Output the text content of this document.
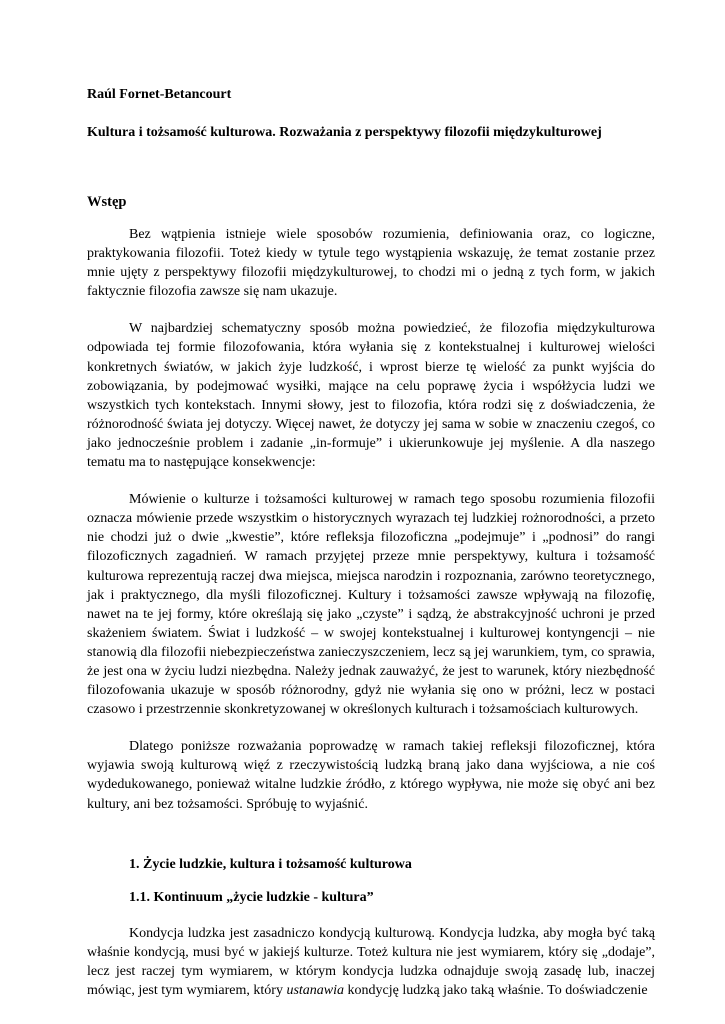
Raúl Fornet-Betancourt
Kultura i tożsamość kulturowa. Rozważania z perspektywy filozofii międzykulturowej
Wstęp

Bez wątpienia istnieje wiele sposobów rozumienia, definiowania oraz, co logiczne, praktykowania filozofii. Toteż kiedy w tytule tego wystąpienia wskazuję, że temat zostanie przez mnie ujęty z perspektywy filozofii międzykulturowej, to chodzi mi o jedną z tych form, w jakich faktycznie filozofia zawsze się nam ukazuje.

W najbardziej schematyczny sposób można powiedzieć, że filozofia międzykulturowa odpowiada tej formie filozofowania, która wyłania się z kontekstualnej i kulturowej wielości konkretnych światów, w jakich żyje ludzkość, i wprost bierze tę wielość za punkt wyjścia do zobowiązania, by podejmować wysiłki, mające na celu poprawę życia i współżycia ludzi we wszystkich tych kontekstach. Innymi słowy, jest to filozofia, która rodzi się z doświadczenia, że różnorodność świata jej dotyczy. Więcej nawet, że dotyczy jej sama w sobie w znaczeniu czegoś, co jako jednocześnie problem i zadanie „in-formuje” i ukierunkowuje jej myślenie. A dla naszego tematu ma to następujące konsekwencje:

Mówienie o kulturze i tożsamości kulturowej w ramach tego sposobu rozumienia filozofii oznacza mówienie przede wszystkim o historycznych wyrazach tej ludzkiej rożnorodności, a przeto nie chodzi już o dwie „kwestie”, które refleksja filozoficzna „podejmuje” i „podnosi” do rangi filozoficznych zagadnień. W ramach przyjętej przeze mnie perspektywy, kultura i tożsamość kulturowa reprezentują raczej dwa miejsca, miejsca narodzin i rozpoznania, zarówno teoretycznego, jak i praktycznego, dla myśli filozoficznej. Kultury i tożsamości zawsze wpływają na filozofię, nawet na te jej formy, które określają się jako „czyste” i sądzą, że abstrakcyjność uchroni je przed skażeniem światem. Świat i ludzkość – w swojej kontekstualnej i kulturowej kontyngencji – nie stanowią dla filozofii niebezpieczeństwa zanieczyszczeniem, lecz są jej warunkiem, tym, co sprawia, że jest ona w życiu ludzi niezbędna. Należy jednak zauważyć, że jest to warunek, który niezbędność filozofowania ukazuje w sposób różnorodny, gdyż nie wyłania się ono w próżni, lecz w postaci czasowo i przestrzennie skonkretyzowanej w określonych kulturach i tożsamościach kulturowych.

Dlatego poniższe rozważania poprowadzę w ramach takiej refleksji filozoficznej, która wyjawia swoją kulturową więź z rzeczywistością ludzką braną jako dana wyjściowa, a nie coś wydedukowanego, ponieważ witalne ludzkie źródło, z którego wypływa, nie może się obyć ani bez kultury, ani bez tożsamości. Spróbuję to wyjaśnić.

1. Życie ludzkie, kultura i tożsamość kulturowa
1.1. Kontinuum „życie ludzkie - kultura”

Kondycja ludzka jest zasadniczo kondycją kulturową. Kondycja ludzka, aby mogła być taką właśnie kondycją, musi być w jakiejś kulturze. Toteż kultura nie jest wymiarem, który się „dodaje”, lecz jest raczej tym wymiarem, w którym kondycja ludzka odnajduje swoją zasadę lub, inaczej mówiąc, jest tym wymiarem, który ustanawia kondycję ludzką jako taką właśnie. To doświadczenie
